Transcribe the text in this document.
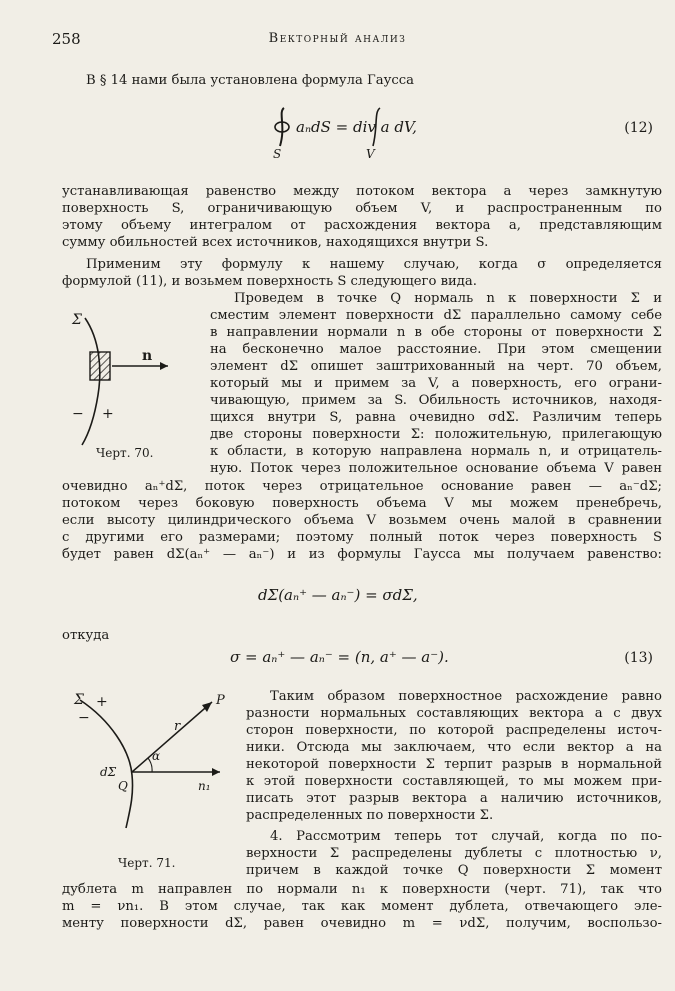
258	Векторный анализ
В § 14 нами была установлена формула Гаусса
aₙdS = div a dV,
S	V
(12)
устанавливающая равенство между потоком вектора a через замкнутую
поверхность S, ограничивающую объем V, и распространенным по
этому объему интегралом от расхождения вектора a, представляющим
сумму обильностей всех источников, находящихся внутри S.
Применим эту формулу к нашему случаю, когда σ определяется
формулой (11), и возьмем поверхность S следующего вида.
Σ
n
− +
Черт. 70.
Проведем в точке Q нормаль n к поверхности Σ и
сместим элемент поверхности dΣ параллельно самому себе
в направлении нормали n в обе стороны от поверхности Σ
на бесконечно малое расстояние. При этом смещении
элемент dΣ опишет заштрихованный на черт. 70 объем,
который мы и примем за V, а поверхность, его ограни-
чивающую, примем за S. Обильность источников, находя-
щихся внутри S, равна очевидно σdΣ. Различим теперь
две стороны поверхности Σ: положительную, прилегающую
к области, в которую направлена нормаль n, и отрицатель-
ную. Поток через положительное основание объема V равен
очевидно aₙ⁺dΣ, поток через отрицательное основание равен — aₙ⁻dΣ;
потоком через боковую поверхность объема V мы можем пренебречь,
если высоту цилиндрического объема V возьмем очень малой в сравнении
с другими его размерами; поэтому полный поток через поверхность S
будет равен dΣ(aₙ⁺ — aₙ⁻) и из формулы Гаусса мы получаем равенство:
dΣ(aₙ⁺ — aₙ⁻) = σdΣ,
откуда
σ = aₙ⁺ — aₙ⁻ = (n, a⁺ — a⁻).	(13)
Σ +
−
P
r
α
dΣ
Q	n₁
Черт. 71.
Таким образом поверхностное расхождение равно
разности нормальных составляющих вектора a с двух
сторон поверхности, по которой распределены источ-
ники. Отсюда мы заключаем, что если вектор a на
некоторой поверхности Σ терпит разрыв в нормальной
к этой поверхности составляющей, то мы можем при-
писать этот разрыв вектора a наличию источников,
распределенных по поверхности Σ.
4. Рассмотрим теперь тот случай, когда по по-
верхности Σ распределены дублеты с плотностью ν,
причем в каждой точке Q поверхности Σ момент
дублета m направлен по нормали n₁ к поверхности (черт. 71), так что
m = νn₁. В этом случае, так как момент дублета, отвечающего эле-
менту поверхности dΣ, равен очевидно m = νdΣ, получим, воспользо-
